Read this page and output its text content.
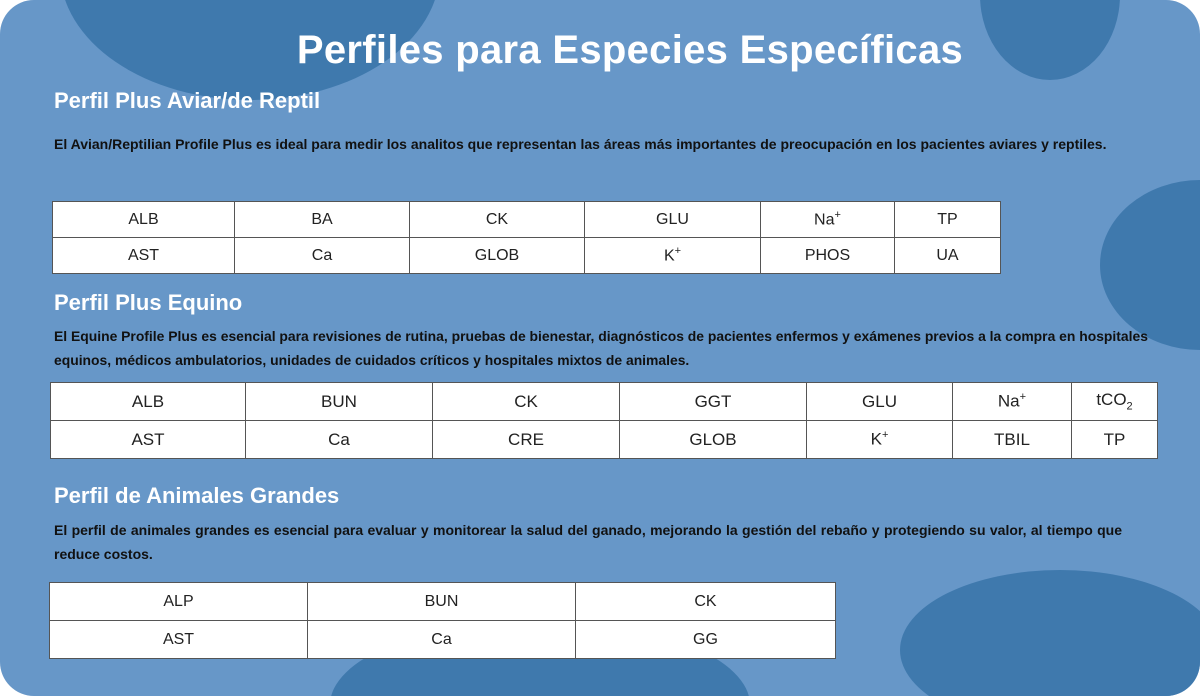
Perfiles para Especies Específicas
Perfil Plus Aviar/de Reptil

El Avian/Reptilian Profile Plus es ideal para medir los analitos que representan las áreas más importantes de preocupación en los pacientes aviares y reptiles.

ALB	BA	CK	GLU	Na+	TP
AST	Ca	GLOB	K+	PHOS	UA
Perfil Plus Equino

El Equine Profile Plus es esencial para revisiones de rutina, pruebas de bienestar, diagnósticos de pacientes enfermos y exámenes previos a la compra en hospitales equinos, médicos ambulatorios, unidades de cuidados críticos y hospitales mixtos de animales.

ALB	BUN	CK	GGT	GLU	Na+	tCO$_2$
AST	Ca	CRE	GLOB	K+	TBIL	TP
Perfil de Animales Grandes

El perfil de animales grandes es esencial para evaluar y monitorear la salud del ganado, mejorando la gestión del rebaño y protegiendo su valor, al tiempo que reduce costos.

ALP	BUN	CK
AST	Ca	GG
